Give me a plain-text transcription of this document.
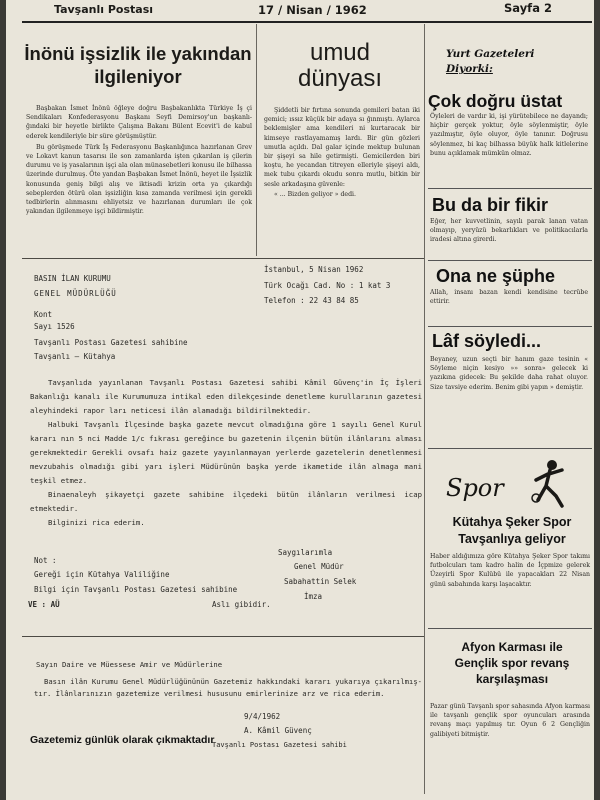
Tavşanlı Postası	17 / Nisan / 1962	Sayfa 2
İnönü işsizlik ile yakından
ilgileniyor

Başbakan İsmet İnönü öğleye doğru Başbakanlıkta Türkiye İş çi Sendikaları Konfederasyonu Başkanı Seyfi Demirsoy'un başkanlı- ğındaki bir heyetle birlikte Çalışma Bakanı Bülent Ecevit'i de kabul ederek kendileriyle bir süre görüşmüştür.

Bu görüşmede Türk İş Federasyonu Başkanlığınca hazırlanan Grev ve Lokavt kanun tasarısı ile son zamanlarda işten çıkarılan iş çilerin durumu ve iş yasalarının işçi ala olan münasebetleri konusu ile bilhassa üzerinde durulmuş. Öte yandan Başbakan İsmet İnönü, heyet ile İşsizlik konusunda geniş bilgi alış ve iktisadi krizin orta ya çıkardığı sebeplerden ötürü olan işsizliğin kısa zamanda verilmesi için gerekli tedbirlerin alınmasını ehliyetsiz ve hazırlanan durumları ile çok yakından ilgilenmeye işçi bildirmiştir.

umud
dünyası

Şiddetli bir fırtına sonunda gemileri batan iki gemici; ıssız küçük bir adaya sı ğınmıştı. Aylarca beklemişler ama kendileri ni kurtaracak bir kimseye rastlayamamış lardı. Bir gün gözleri umutla açıldı. Dal galar içinde mektup bulunan bir şişeyi sa hile getirmişti. Gemicilerden biri koştu, he yecandan titreyen elleriyle şişeyi aldı, mek tubu çıkardı okudu sonra mutlu, bitkin bir sesle arkadaşına güvenle:

« ... Bizden geliyor » dedi.

Yurt Gazeteleri
Diyorki:
Çok doğru üstat
Öyleleri de vardır ki, işi yürütebilece ne dayandı; hiçbir gerçek yoktur, öyle söylenmiştir, öyle yazılmıştır, öyle oluyor, öyle tanınır. Doğrusu söylenmez, bi kaç bilhassa büyük halk kitlelerine bunu açıklamak mümkün olmaz.
Bu da bir fikir
Eğer, her kuvvetlinin, sayılı parak lanan vatan olmayıp, yeryüzü bekarlıkları ve politikacılarla iradesi altına girerdi.
Ona ne şüphe
Allah, insanı bazan kendi kendisine tecrübe ettirir.
Lâf söyledi...
Beyaney, uzun seçti bir hanım gaze tesinin « Söyleme niçin kesiyo »» sonra» gelecek ki yazıkına gidecek: Bu şekilde daha rahat oluyor. Size tavsiye ederim. Benim gibi yapın » demiştir.
Spor
Kütahya Şeker Spor
Tavşanlıya geliyor
Haber aldığımıza göre Kütahya Şeker Spor takımı futbolcuları tam kadro halin de İçpmize gelerek Üzeyirli Spor Kulübü ile yapacakları 22 Nisan günü sabahında karşı laşacaktır.
Afyon Karması ile
Gençlik spor revanş
karşılaşması
Pazar günü Tavşanlı spor sahasında Afyon karması ile tavşanlı gençlik spor oyuncuları arasında revanş maçı yapılmış tır. Oyun 6 2 Gençliğin galibiyeti bitmiştir.
BASIN İLAN KURUMU
GENEL MÜDÜRLÜĞÜ
İstanbul, 5 Nisan 1962
Türk Ocağı Cad. No : 1 kat 3
Telefon : 22 43 84 85
Kont
Sayı 1526
Tavşanlı Postası Gazetesi sahibine
Tavşanlı — Kütahya

Tavşanlıda yayınlanan Tavşanlı Postası Gazetesi sahibi Kâmil Güvenç'in İç İşleri Bakanlığı kanalı ile Kurumumuza intikal eden dilekçesinde denetleme kurullarının gazetesi aleyhindeki rapor ları neticesi ilân alamadığı bildirilmektedir.

Halbuki Tavşanlı İlçesinde başka gazete mevcut olmadığına göre 1 sayılı Genel Kurul kararı nın 5 nci Madde 1/c fıkrası gereğince bu gazetenin ilçenin bütün ilânlarını alması gerekmektedir Gerekli ovsafı haiz gazete yayınlanmayan yerlerde gazetelerin denetlenmesi mevzubahis olmadığı gibi yarı işleri Müdürünün başka yerde ikametide ilân almaga mani teşkil etmez.

Binaenaleyh şikayetçi gazete sahibine ilçedeki bütün ilânların verilmesi icap etmektedir.

Bilginizi rica ederim.

Saygılarımla
Genel Müdür
Sabahattin Selek
İmza
Not :
Gereği için Kütahya Valiliğine
Bilgi için Tavşanlı Postası Gazetesi sahibine
VE : AÜ	Aslı gibidir.
Sayın Daire ve Müessese Amir ve Müdürlerine
Basın ilân Kurumu Genel Müdürlüğününün Gazetemiz hakkındaki kararı yukarıya çıkarılmış- tır. İlânlarınızın gazetemize verilmesi hususunu emirlerinize arz ve rica ederim.
9/4/1962
A. Kâmil Güvenç
Tavşanlı Postası Gazetesi sahibi
Gazetemiz günlük olarak çıkmaktadır
